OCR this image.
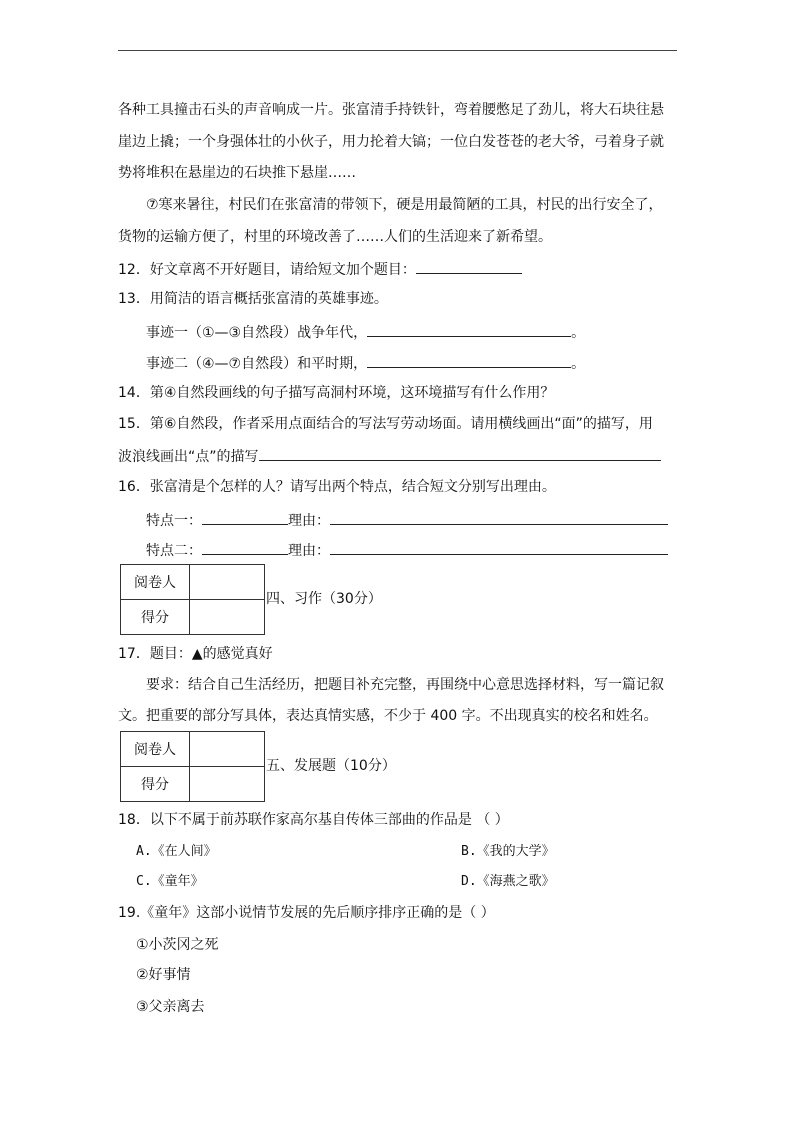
各种工具撞击石头的声音响成一片。张富清手持铁针，弯着腰憋足了劲儿，将大石块往悬
崖边上撬；一个身强体壮的小伙子，用力抡着大镐；一位白发苍苍的老大爷，弓着身子就
势将堆积在悬崖边的石块推下悬崖……
⑦寒来暑往，村民们在张富清的带领下，硬是用最简陋的工具，村民的出行安全了，
货物的运输方便了，村里的环境改善了……人们的生活迎来了新希望。
12．好文章离不开好题目，请给短文加个题目：
13．用简洁的语言概括张富清的英雄事迹。
事迹一（①—③自然段）战争年代，	。
事迹二（④—⑦自然段）和平时期，	。
14．第④自然段画线的句子描写高洞村环境，这环境描写有什么作用？
15．第⑥自然段，作者采用点面结合的写法写劳动场面。请用横线画出“面”的描写，用
波浪线画出“点”的描写
16．张富清是个怎样的人？请写出两个特点，结合短文分别写出理由。
特点一：	理由：
特点二：	理由：
阅卷人	
得分	
四、习作（30分）
17．题目：▲的感觉真好
要求：结合自己生活经历，把题目补充完整，再围绕中心意思选择材料，写一篇记叙
文。把重要的部分写具体，表达真情实感，不少于 400 字。不出现真实的校名和姓名。
阅卷人	
得分	
五、发展题（10分）
18．以下不属于前苏联作家高尔基自传体三部曲的作品是 （ ）
A.《在人间》	B.《我的大学》
C.《童年》	D.《海燕之歌》
19.《童年》这部小说情节发展的先后顺序排序正确的是（ ）
①小茨冈之死
②好事情
③父亲离去
